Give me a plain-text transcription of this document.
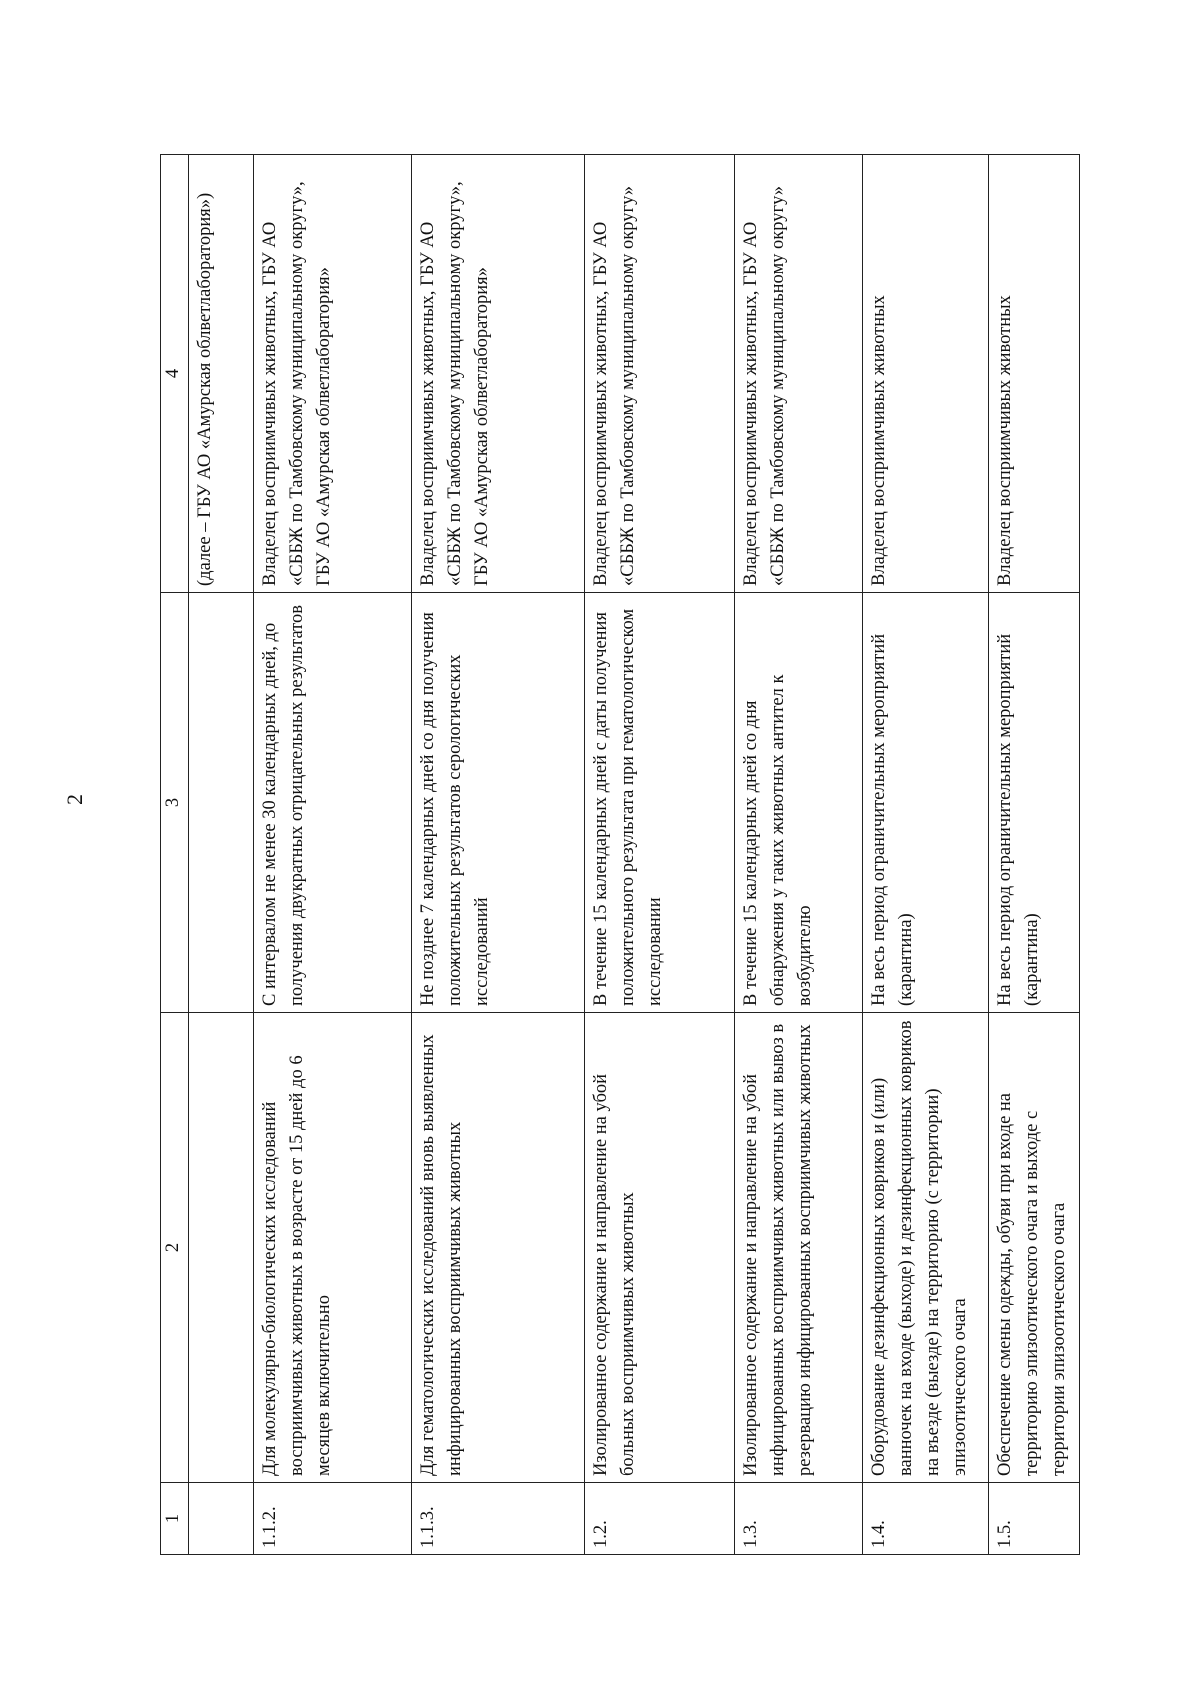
2
1	2	3	4
			(далее – ГБУ АО «Амурская облветлаборатория»)
1.1.2.	Для молекулярно-биологических исследований восприимчивых животных в возрасте от 15 дней до 6 месяцев включительно	С интервалом не менее 30 календарных дней, до получения двукратных отрицательных результатов	Владелец восприимчивых животных, ГБУ АО «СББЖ по Тамбовскому муниципальному округу», ГБУ АО «Амурская облветлаборатория»
1.1.3.	Для гематологических исследований вновь выявленных инфицированных восприимчивых животных	Не позднее 7 календарных дней со дня получения положительных результатов серологических исследований	Владелец восприимчивых животных, ГБУ АО «СББЖ по Тамбовскому муниципальному округу», ГБУ АО «Амурская облветлаборатория»
1.2.	Изолированное содержание и направление на убой больных восприимчивых животных	В течение 15 календарных дней с даты получения положительного результата при гематологическом исследовании	Владелец восприимчивых животных, ГБУ АО «СББЖ по Тамбовскому муниципальному округу»
1.3.	Изолированное содержание и направление на убой инфицированных восприимчивых животных или вывоз в резервацию инфицированных восприимчивых животных	В течение 15 календарных дней со дня обнаружения у таких животных антител к возбудителю	Владелец восприимчивых животных, ГБУ АО «СББЖ по Тамбовскому муниципальному округу»
1.4.	Оборудование дезинфекционных ковриков и (или) ванночек на входе (выходе) и дезинфекционных ковриков на въезде (выезде) на территорию (с территории) эпизоотического очага	На весь период ограничительных мероприятий (карантина)	Владелец восприимчивых животных
1.5.	Обеспечение смены одежды, обуви при входе на территорию эпизоотического очага и выходе с территории эпизоотического очага	На весь период ограничительных мероприятий (карантина)	Владелец восприимчивых животных
